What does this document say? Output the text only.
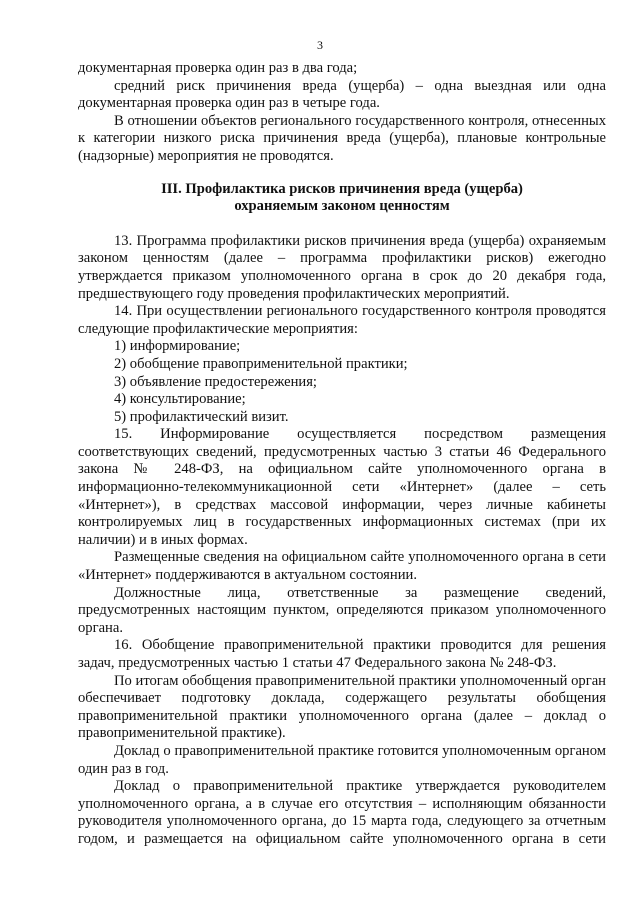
3

документарная проверка один раз в два года;

средний риск причинения вреда (ущерба) – одна выездная или одна документарная проверка один раз в четыре года.

В отношении объектов регионального государственного контроля, отнесенных к категории низкого риска причинения вреда (ущерба), плановые контрольные (надзорные) мероприятия не проводятся.

III. Профилактика рисков причинения вреда (ущерба)

охраняемым законом ценностям

13. Программа профилактики рисков причинения вреда (ущерба) охраняемым законом ценностям (далее – программа профилактики рисков) ежегодно утверждается приказом уполномоченного органа в срок до 20 декабря года, предшествующего году проведения профилактических мероприятий.

14. При осуществлении регионального государственного контроля проводятся следующие профилактические мероприятия:

1) информирование;

2) обобщение правоприменительной практики;

3) объявление предостережения;

4) консультирование;

5) профилактический визит.

15. Информирование осуществляется посредством размещения соответствующих сведений, предусмотренных частью 3 статьи 46 Федерального закона № 248-ФЗ, на официальном сайте уполномоченного органа в информационно-телекоммуникационной сети «Интернет» (далее – сеть «Интернет»), в средствах массовой информации, через личные кабинеты контролируемых лиц в государственных информационных системах (при их наличии) и в иных формах.

Размещенные сведения на официальном сайте уполномоченного органа в сети «Интернет» поддерживаются в актуальном состоянии.

Должностные лица, ответственные за размещение сведений, предусмотренных настоящим пунктом, определяются приказом уполномоченного органа.

16. Обобщение правоприменительной практики проводится для решения задач, предусмотренных частью 1 статьи 47 Федерального закона № 248-ФЗ.

По итогам обобщения правоприменительной практики уполномоченный орган обеспечивает подготовку доклада, содержащего результаты обобщения правоприменительной практики уполномоченного органа (далее – доклад о правоприменительной практике).

Доклад о правоприменительной практике готовится уполномоченным органом один раз в год.

Доклад о правоприменительной практике утверждается руководителем уполномоченного органа, а в случае его отсутствия – исполняющим обязанности руководителя уполномоченного органа, до 15 марта года, следующего за отчетным годом, и размещается на официальном сайте уполномоченного органа в сети
